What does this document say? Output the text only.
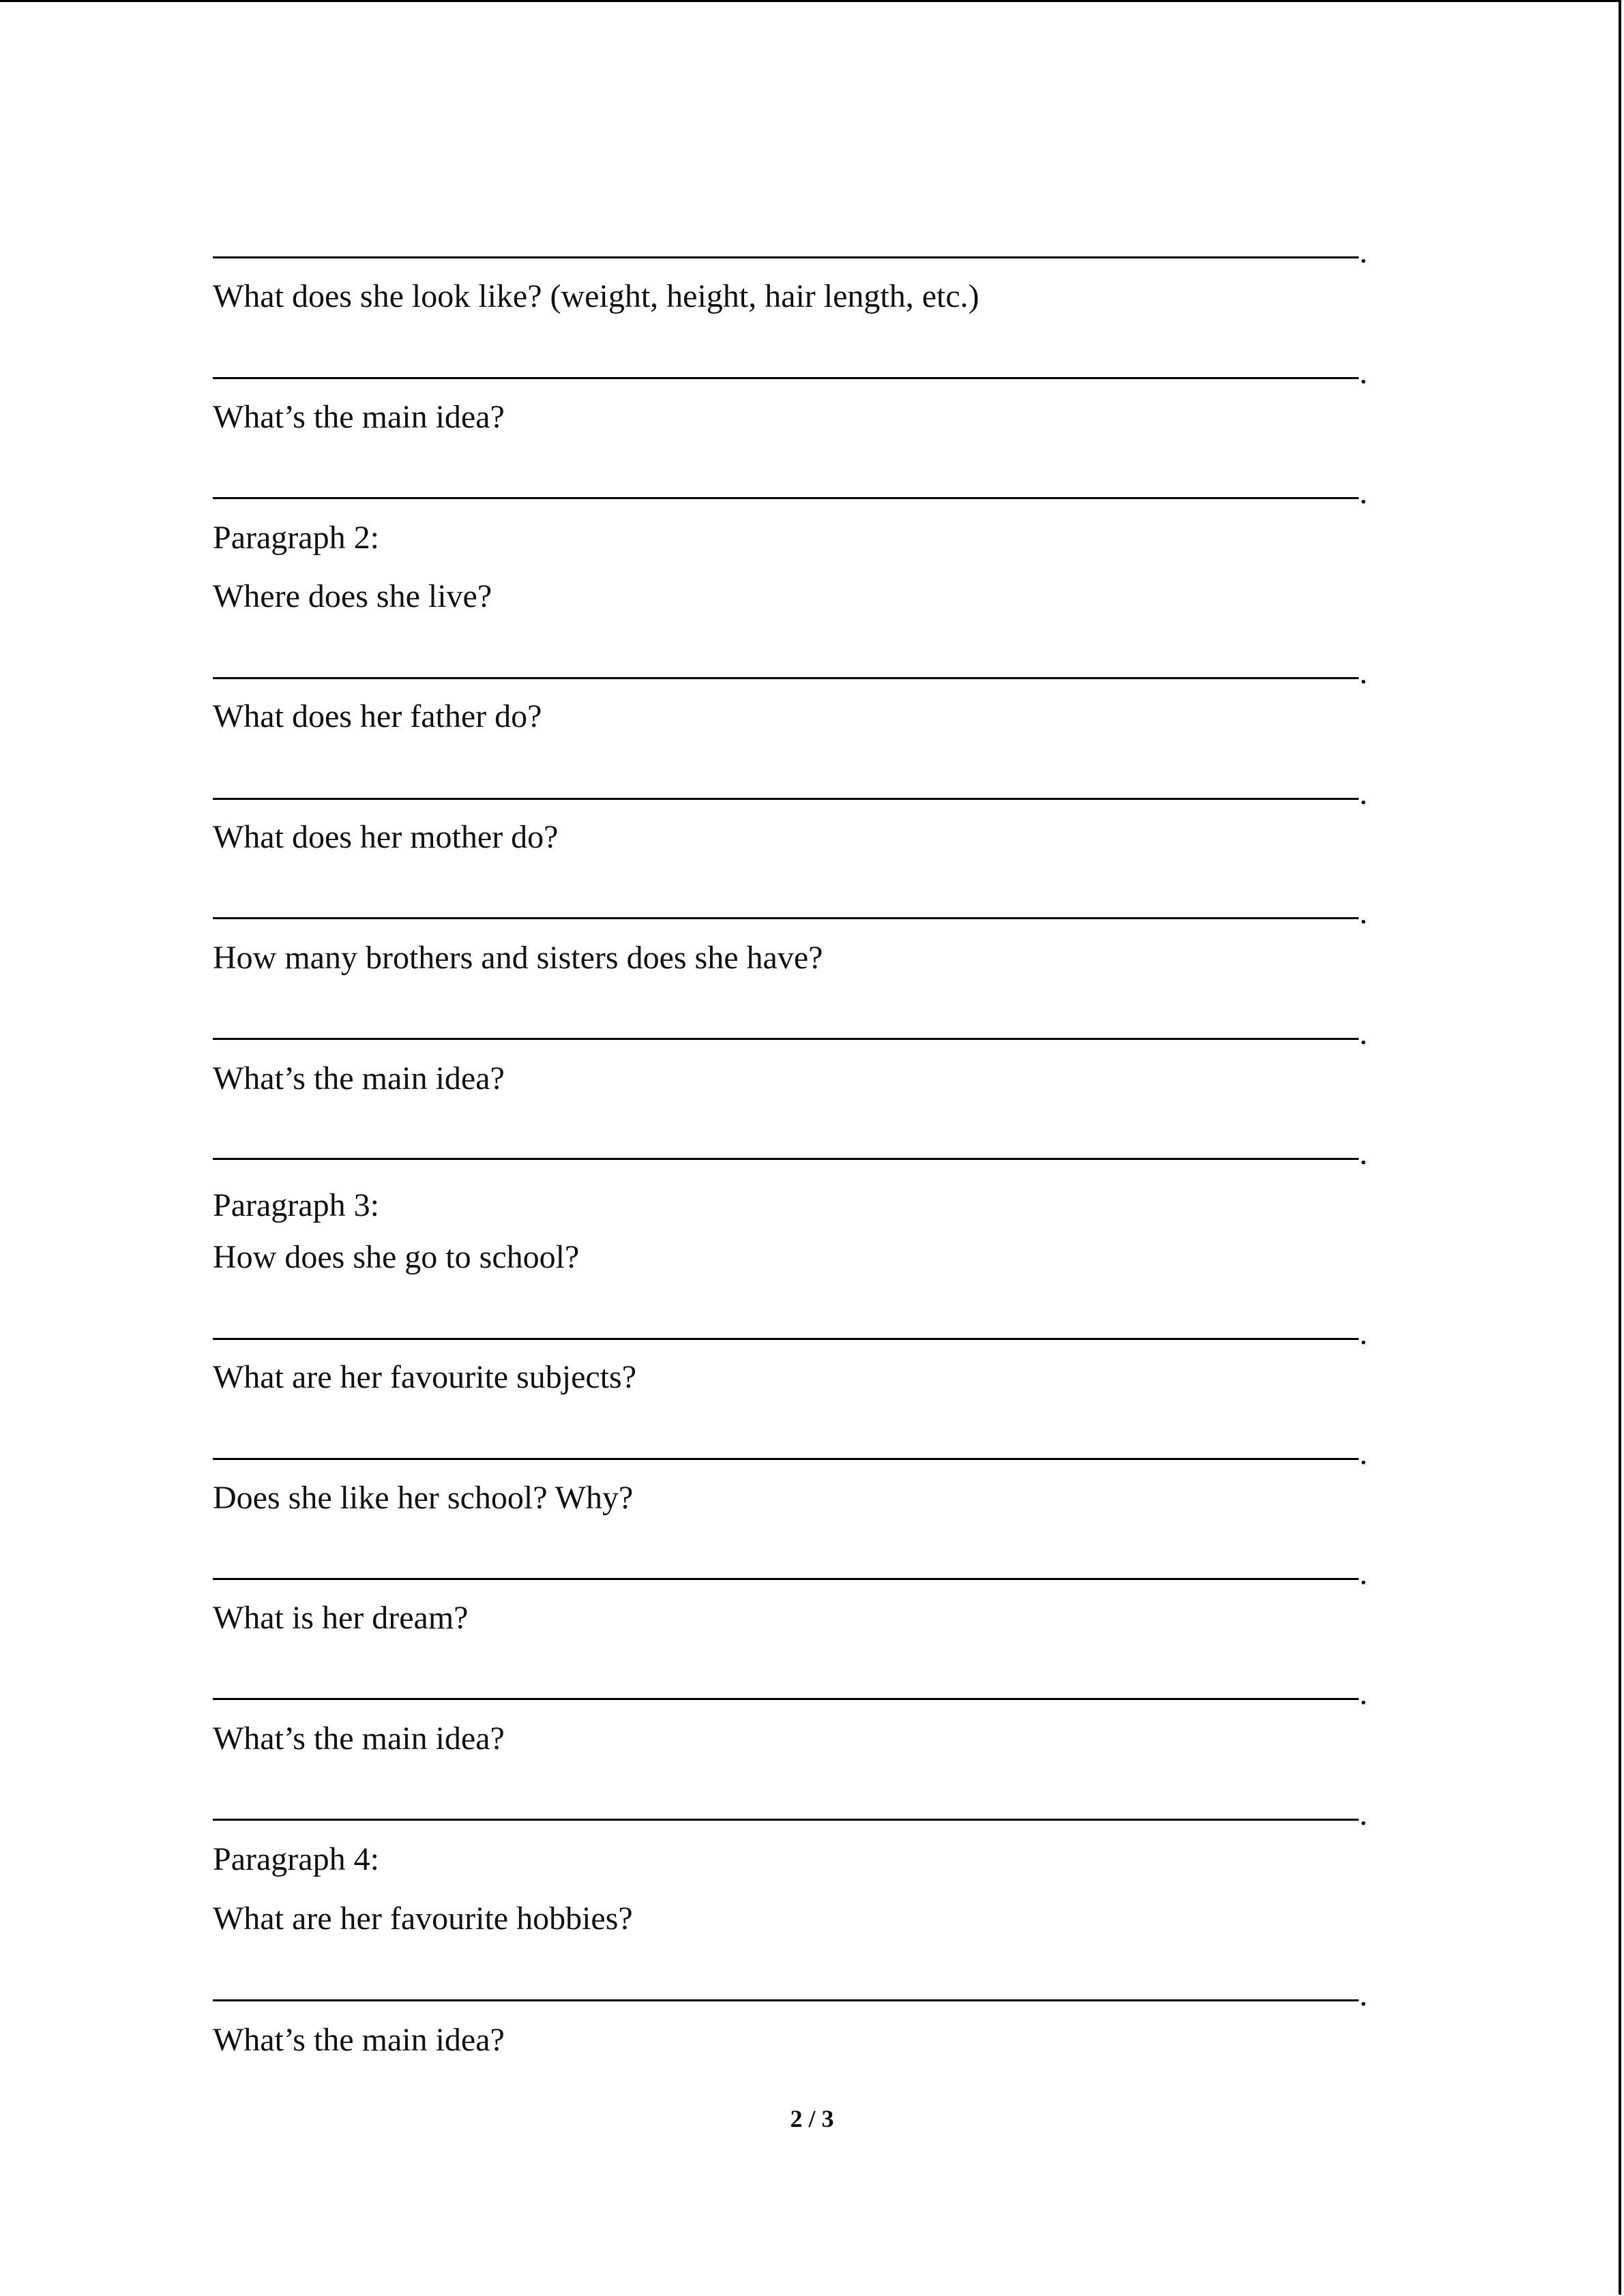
.
What does she look like? (weight, height, hair length, etc.)
.
What’s the main idea?
.
Paragraph 2:
Where does she live?
.
What does her father do?
.
What does her mother do?
.
How many brothers and sisters does she have?
.
What’s the main idea?
.
Paragraph 3:
How does she go to school?
.
What are her favourite subjects?
.
Does she like her school? Why?
.
What is her dream?
.
What’s the main idea?
.
Paragraph 4:
What are her favourite hobbies?
.
What’s the main idea?
2 / 3
